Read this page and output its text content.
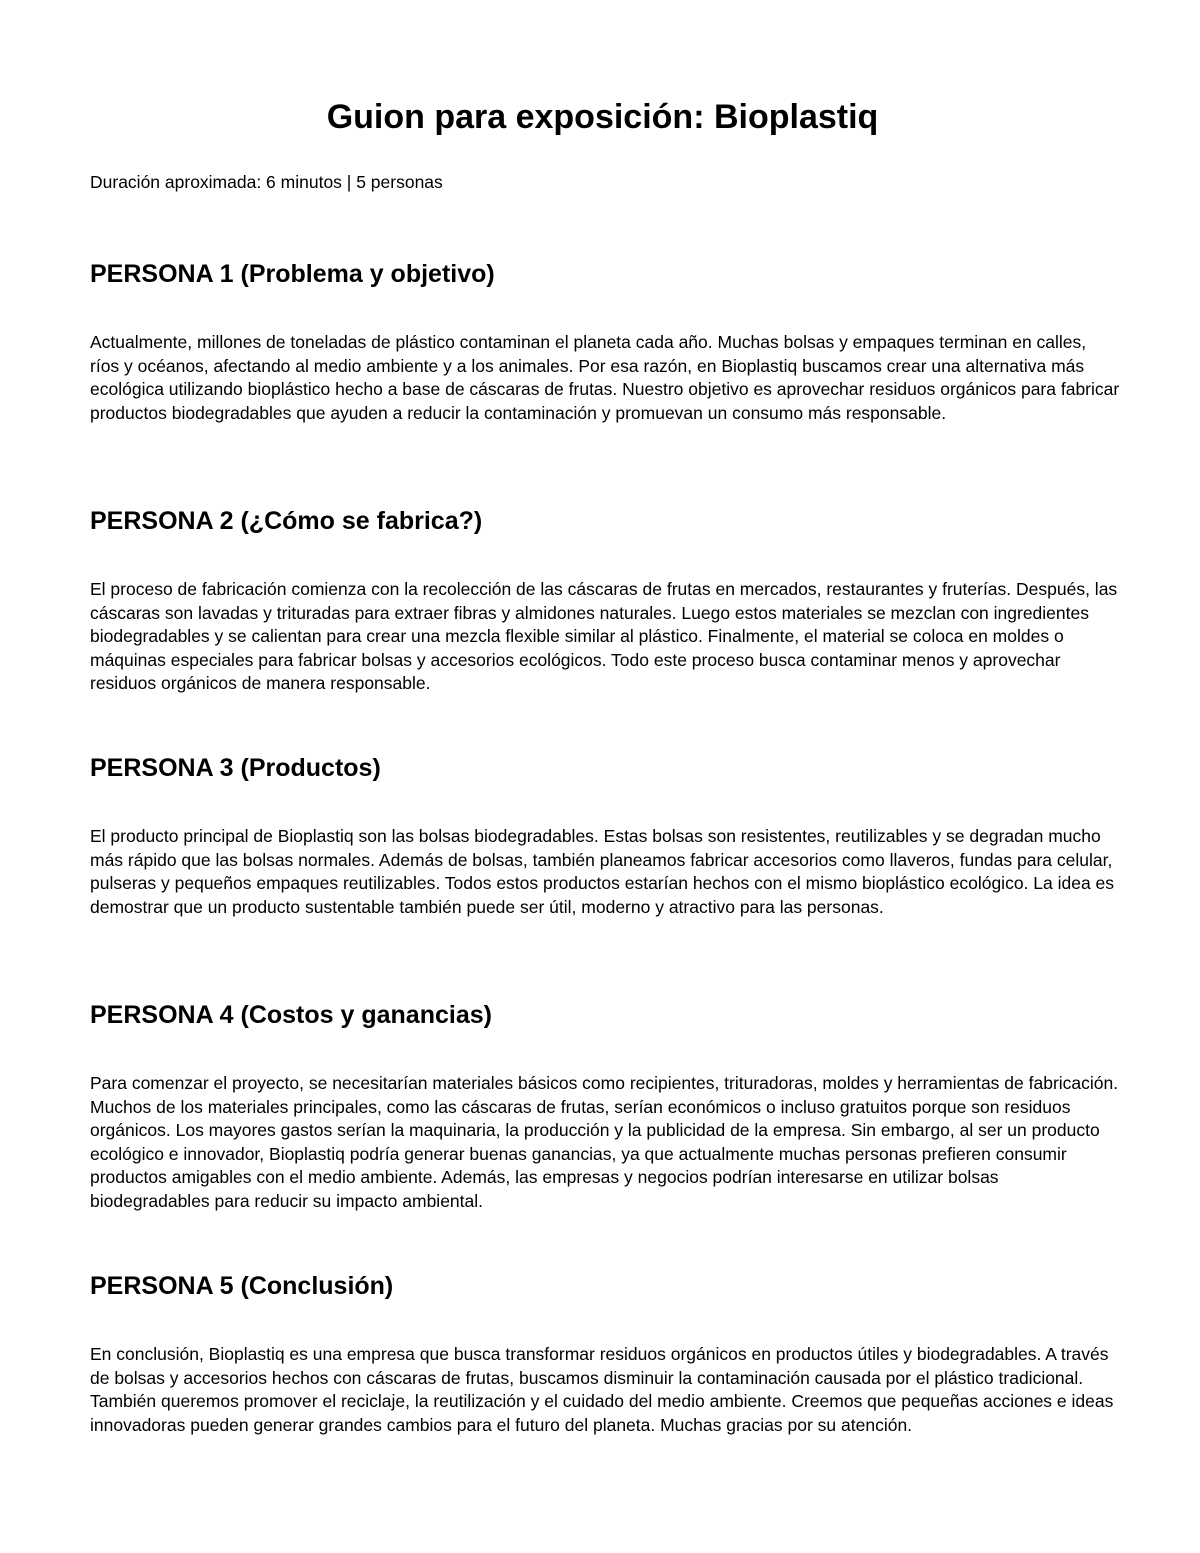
Guion para exposición: Bioplastiq

Duración aproximada: 6 minutos | 5 personas

PERSONA 1 (Problema y objetivo)

Actualmente, millones de toneladas de plástico contaminan el planeta cada año. Muchas bolsas y empaques terminan en calles, ríos y océanos, afectando al medio ambiente y a los animales. Por esa razón, en Bioplastiq buscamos crear una alternativa más ecológica utilizando bioplástico hecho a base de cáscaras de frutas. Nuestro objetivo es aprovechar residuos orgánicos para fabricar productos biodegradables que ayuden a reducir la contaminación y promuevan un consumo más responsable.

PERSONA 2 (¿Cómo se fabrica?)

El proceso de fabricación comienza con la recolección de las cáscaras de frutas en mercados, restaurantes y fruterías. Después, las cáscaras son lavadas y trituradas para extraer fibras y almidones naturales. Luego estos materiales se mezclan con ingredientes biodegradables y se calientan para crear una mezcla flexible similar al plástico. Finalmente, el material se coloca en moldes o máquinas especiales para fabricar bolsas y accesorios ecológicos. Todo este proceso busca contaminar menos y aprovechar residuos orgánicos de manera responsable.

PERSONA 3 (Productos)

El producto principal de Bioplastiq son las bolsas biodegradables. Estas bolsas son resistentes, reutilizables y se degradan mucho más rápido que las bolsas normales. Además de bolsas, también planeamos fabricar accesorios como llaveros, fundas para celular, pulseras y pequeños empaques reutilizables. Todos estos productos estarían hechos con el mismo bioplástico ecológico. La idea es demostrar que un producto sustentable también puede ser útil, moderno y atractivo para las personas.

PERSONA 4 (Costos y ganancias)

Para comenzar el proyecto, se necesitarían materiales básicos como recipientes, trituradoras, moldes y herramientas de fabricación. Muchos de los materiales principales, como las cáscaras de frutas, serían económicos o incluso gratuitos porque son residuos orgánicos. Los mayores gastos serían la maquinaria, la producción y la publicidad de la empresa. Sin embargo, al ser un producto ecológico e innovador, Bioplastiq podría generar buenas ganancias, ya que actualmente muchas personas prefieren consumir productos amigables con el medio ambiente. Además, las empresas y negocios podrían interesarse en utilizar bolsas biodegradables para reducir su impacto ambiental.

PERSONA 5 (Conclusión)

En conclusión, Bioplastiq es una empresa que busca transformar residuos orgánicos en productos útiles y biodegradables. A través de bolsas y accesorios hechos con cáscaras de frutas, buscamos disminuir la contaminación causada por el plástico tradicional. También queremos promover el reciclaje, la reutilización y el cuidado del medio ambiente. Creemos que pequeñas acciones e ideas innovadoras pueden generar grandes cambios para el futuro del planeta. Muchas gracias por su atención.
